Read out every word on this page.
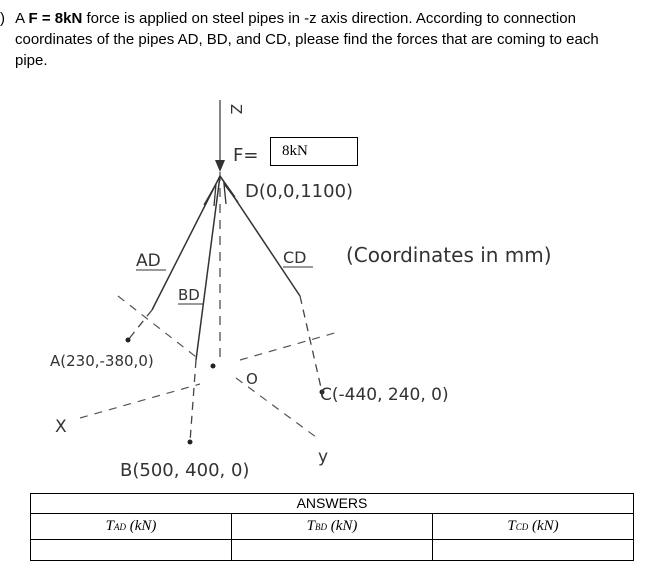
) A F = 8kN force is applied on steel pipes in -z axis direction. According to connection
coordinates of the pipes AD, BD, and CD, please find the forces that are coming to each
pipe.
Z
F=
D(0,0,1100)
AD
BD
CD (Coordinates in mm)
A(230,-380,0)
O
C(-440, 240, 0)
X
y
B(500, 400, 0)
8kN
ANSWERS		
TAD (kN)	TBD (kN)	TCD (kN)
